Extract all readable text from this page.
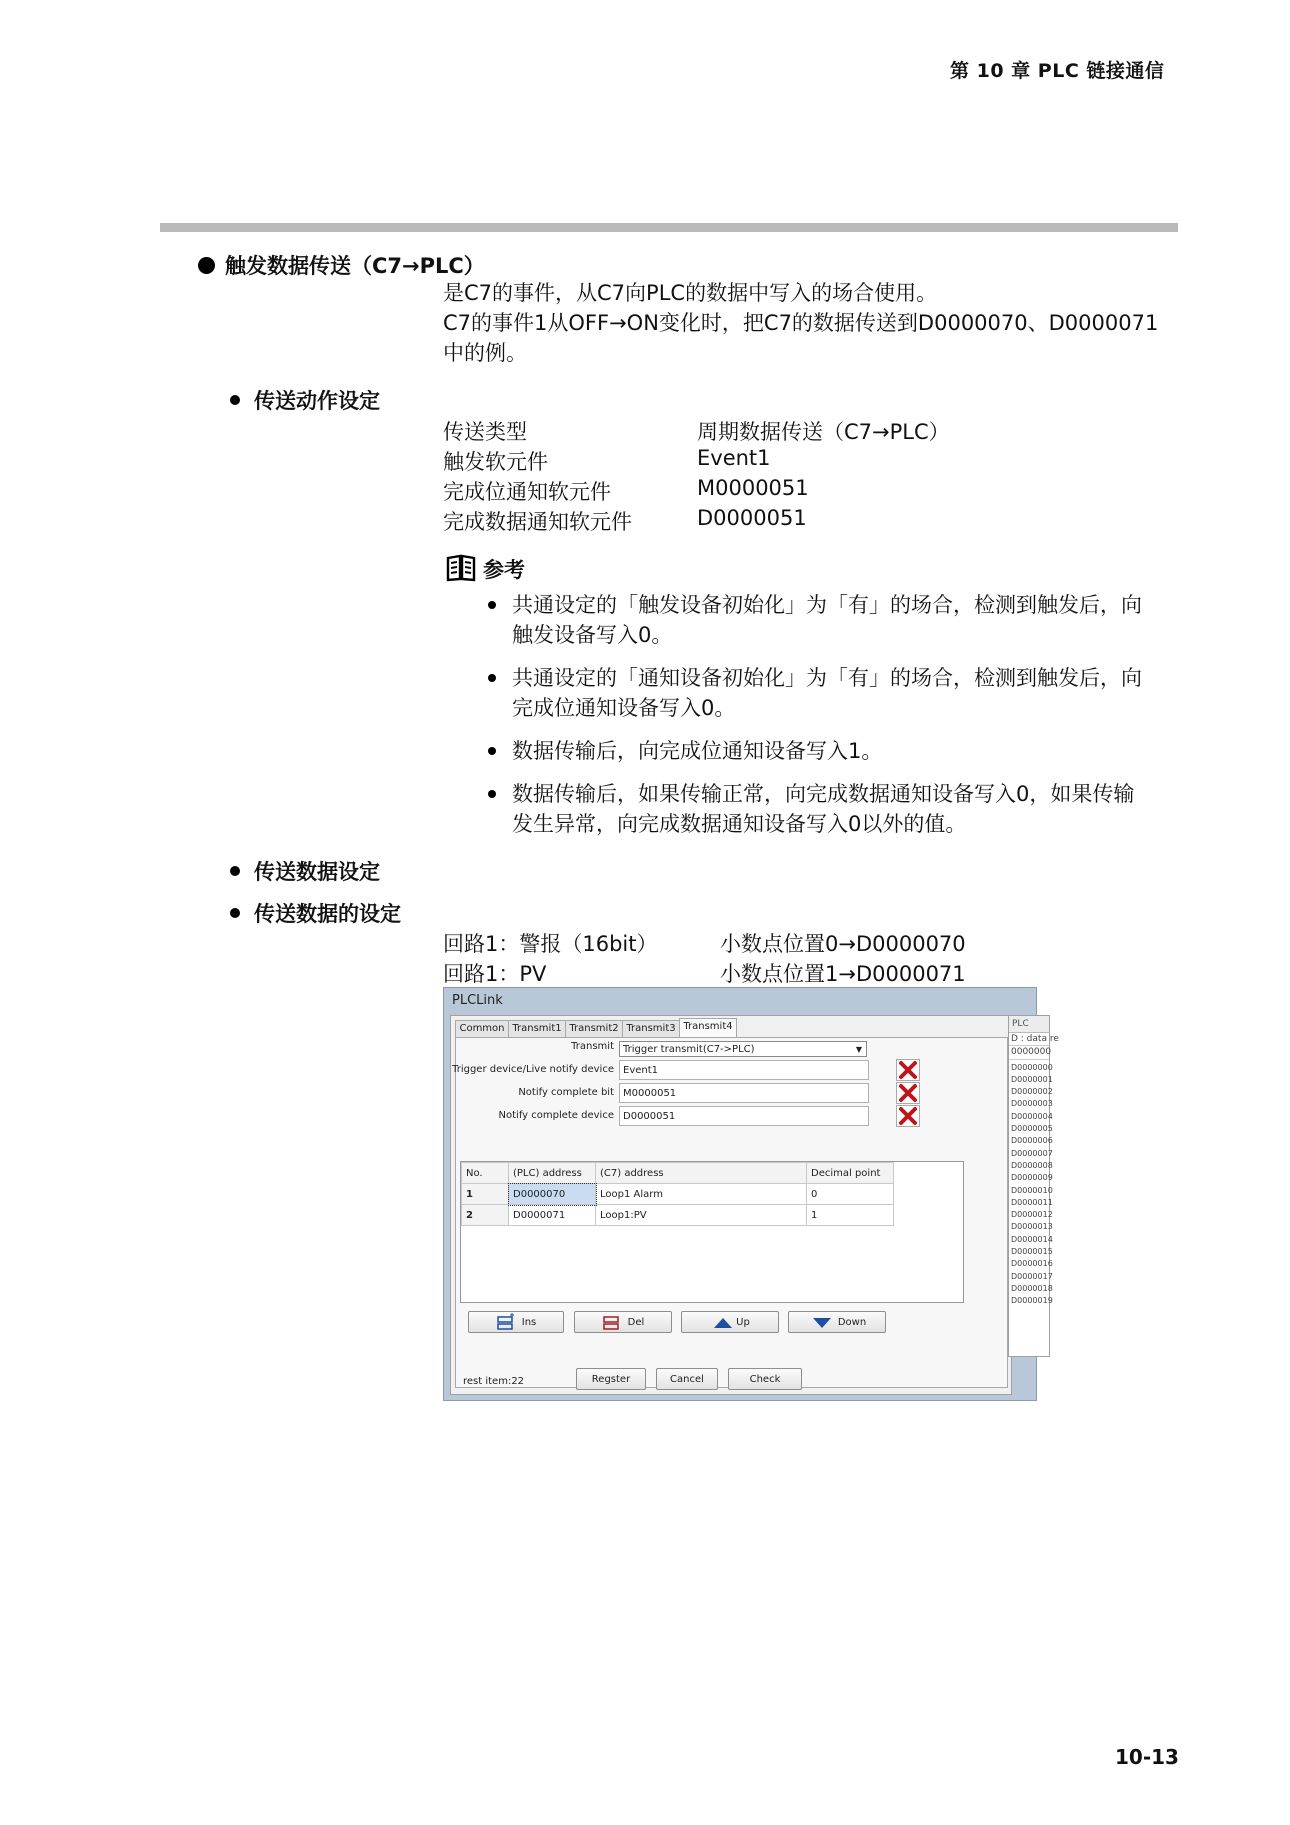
第 10 章 PLC 链接通信
触发数据传送（C7→PLC）
是C7的事件，从C7向PLC的数据中写入的场合使用。
C7的事件1从OFF→ON变化时，把C7的数据传送到D0000070、D0000071
中的例。
传送动作设定
传送类型	周期数据传送（C7→PLC）
触发软元件	Event1
完成位通知软元件	M0000051
完成数据通知软元件	D0000051
参考
共通设定的「触发设备初始化」为「有」的场合，检测到触发后，向
触发设备写入0。
共通设定的「通知设备初始化」为「有」的场合，检测到触发后，向
完成位通知设备写入0。
数据传输后，向完成位通知设备写入1。
数据传输后，如果传输正常，向完成数据通知设备写入0，如果传输
发生异常，向完成数据通知设备写入0以外的值。
传送数据设定
传送数据的设定
回路1：警报（16bit）	小数点位置0→D0000070
回路1：PV	小数点位置1→D0000071
PLCLink
Common Transmit1 Transmit2 Transmit3 Transmit4
Transmit Trigger transmit(C7->PLC)	▼
Trigger device/Live notify device Event1
Notify complete bit M0000051
Notify complete device D0000051
No.	(PLC) address	(C7) address	Decimal point
1	D0000070	Loop1 Alarm	0
2	D0000071	Loop1:PV	1
Ins	Del	Up	Down
rest item:22	Regster	Cancel	Check
PLC
D : data re
0000000
D0000000
D0000001
D0000002
D0000003
D0000004
D0000005
D0000006
D0000007
D0000008
D0000009
D0000010
D0000011
D0000012
D0000013
D0000014
D0000015
D0000016
D0000017
D0000018
D0000019
10-13
